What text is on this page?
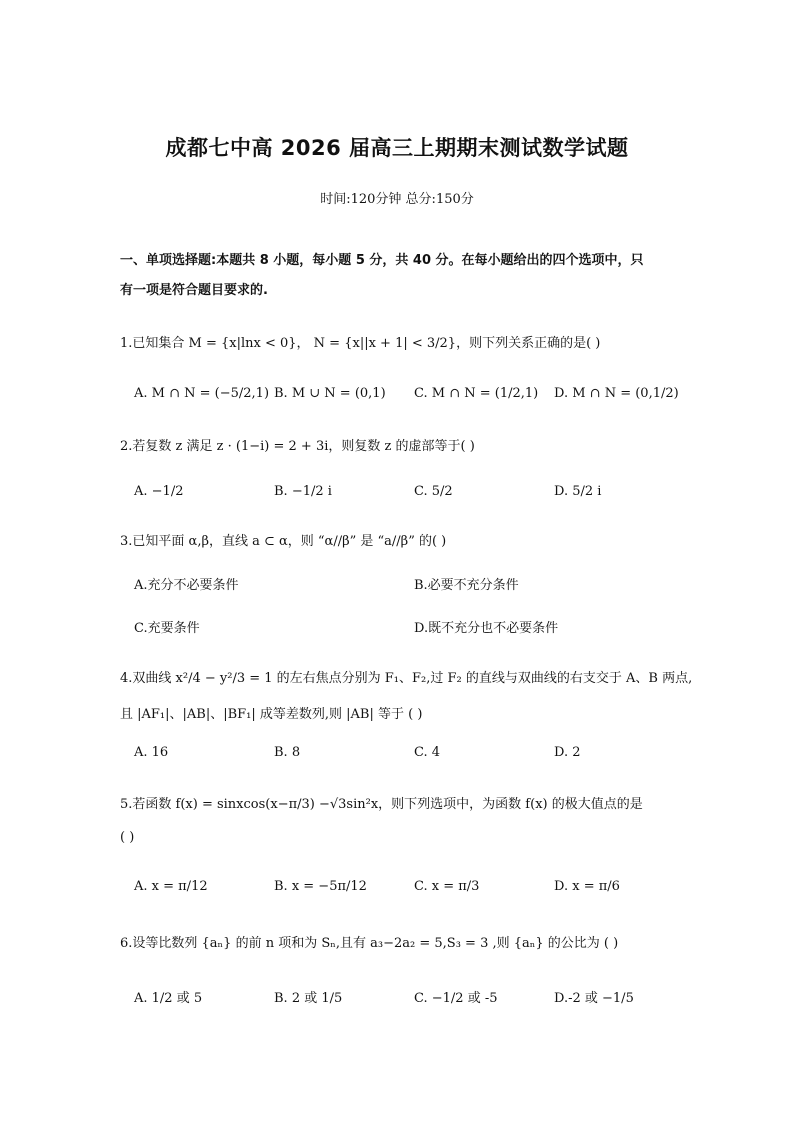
成都七中高 2026 届高三上期期末测试数学试题
时间:120分钟 总分:150分
一、单项选择题:本题共 8 小题，每小题 5 分，共 40 分。在每小题给出的四个选项中，只
有一项是符合题目要求的.
1.已知集合 M = {x|lnx < 0}， N = {x||x + 1| < 3/2}，则下列关系正确的是( )
A. M ∩ N = (−5/2,1) B. M ∪ N = (0,1) C. M ∩ N = (1/2,1) D. M ∩ N = (0,1/2)
2.若复数 z 满足 z · (1−i) = 2 + 3i，则复数 z 的虚部等于( )
A. −1/2	B. −1/2 i	C. 5/2	D. 5/2 i
3.已知平面 α,β，直线 a ⊂ α，则 “α//β” 是 “a//β” 的( )
A.充分不必要条件	B.必要不充分条件
C.充要条件	D.既不充分也不必要条件
4.双曲线 x²/4 − y²/3 = 1 的左右焦点分别为 F₁、F₂,过 F₂ 的直线与双曲线的右支交于 A、B 两点,
且 |AF₁|、|AB|、|BF₁| 成等差数列,则 |AB| 等于 ( )
A. 16	B. 8	C. 4	D. 2
5.若函数 f(x) = sinxcos(x−π/3) −√3sin²x，则下列选项中，为函数 f(x) 的极大值点的是
( )
A. x = π/12	B. x = −5π/12	C. x = π/3	D. x = π/6
6.设等比数列 {aₙ} 的前 n 项和为 Sₙ,且有 a₃−2a₂ = 5,S₃ = 3 ,则 {aₙ} 的公比为 ( )
A. 1/2 或 5	B. 2 或 1/5	C. −1/2 或 -5	D.-2 或 −1/5
